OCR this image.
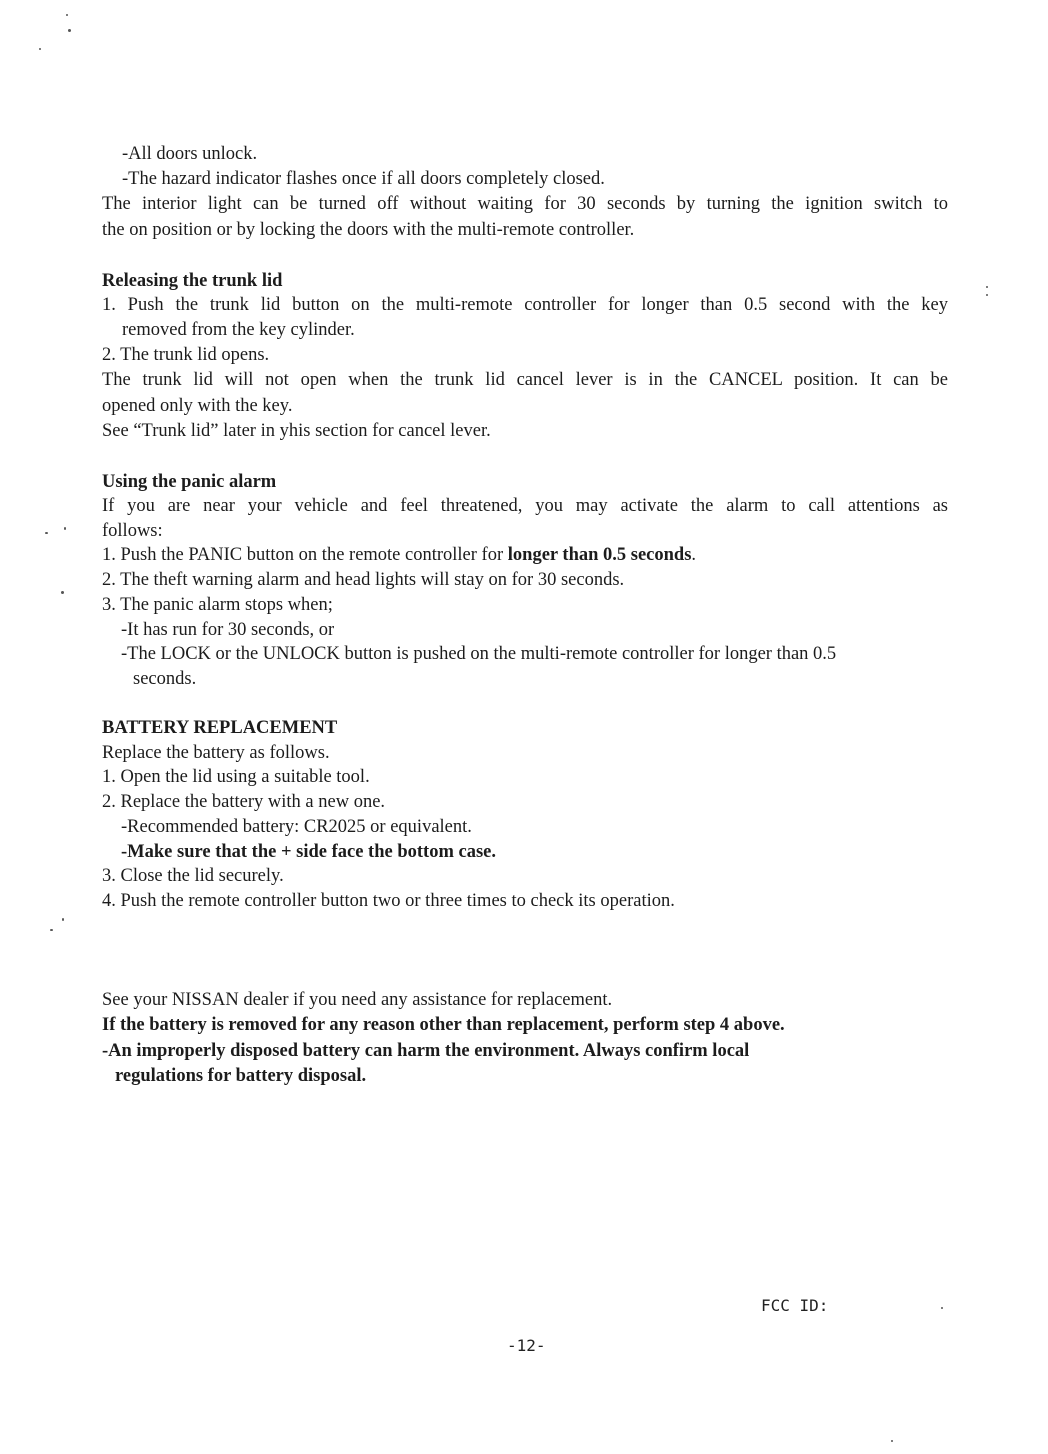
-All doors unlock.
-The hazard indicator flashes once if all doors completely closed.
The interior light can be turned off without waiting for 30 seconds by turning the ignition switch to
the on position or by locking the doors with the multi-remote controller.
Releasing the trunk lid
1. Push the trunk lid button on the multi-remote controller for longer than 0.5 second with the key
removed from the key cylinder.
2. The trunk lid opens.
The trunk lid will not open when the trunk lid cancel lever is in the CANCEL position. It can be
opened only with the key.
See “Trunk lid” later in yhis section for cancel lever.
Using the panic alarm
If you are near your vehicle and feel threatened, you may activate the alarm to call attentions as
follows:
1. Push the PANIC button on the remote controller for longer than 0.5 seconds.
2. The theft warning alarm and head lights will stay on for 30 seconds.
3. The panic alarm stops when;
-It has run for 30 seconds, or
-The LOCK or the UNLOCK button is pushed on the multi-remote controller for longer than 0.5
seconds.
BATTERY REPLACEMENT
Replace the battery as follows.
1. Open the lid using a suitable tool.
2. Replace the battery with a new one.
-Recommended battery: CR2025 or equivalent.
-Make sure that the + side face the bottom case.
3. Close the lid securely.
4. Push the remote controller button two or three times to check its operation.
See your NISSAN dealer if you need any assistance for replacement.
If the battery is removed for any reason other than replacement, perform step 4 above.
-An improperly disposed battery can harm the environment. Always confirm local
regulations for battery disposal.
FCC ID:
-12-
